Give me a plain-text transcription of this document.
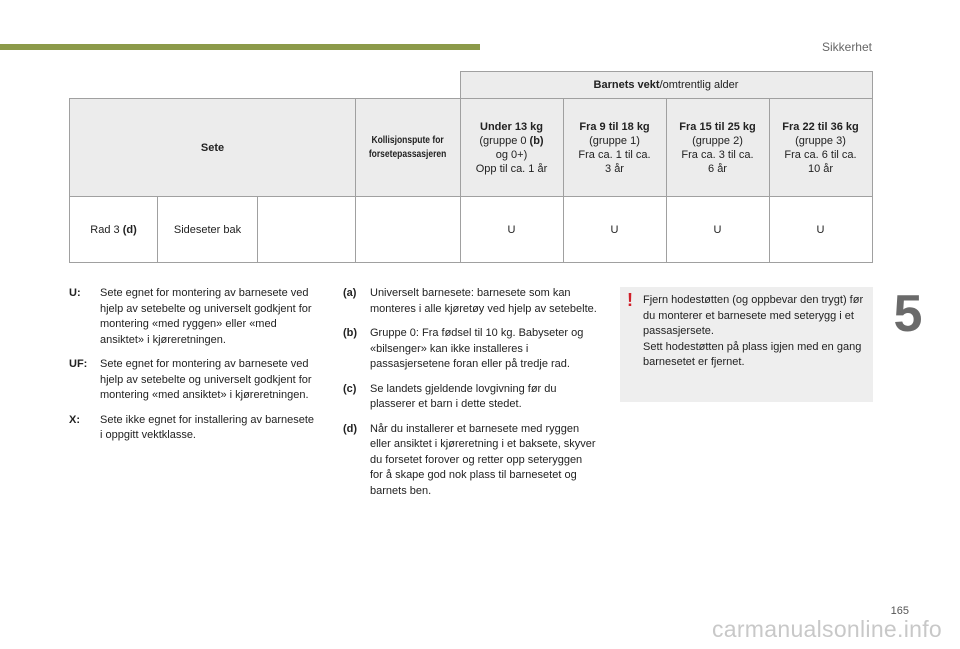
Sikkerhet
5
				Barnets vekt/omtrentlig alder			
Sete			Kollisjonspute for
forsetepassasjeren	Under 13 kg
(gruppe 0 (b)
og 0+)
Opp til ca. 1 år	Fra 9 til 18 kg
(gruppe 1)
Fra ca. 1 til ca.
3 år	Fra 15 til 25 kg
(gruppe 2)
Fra ca. 3 til ca.
6 år	Fra 22 til 36 kg
(gruppe 3)
Fra ca. 6 til ca.
10 år
Rad 3 (d)	Sideseter bak			U	U	U	U
U:	Sete egnet for montering av barnesete ved hjelp av setebelte og universelt godkjent for montering «med ryggen» eller «med ansiktet» i kjøreretningen.
UF:	Sete egnet for montering av barnesete ved hjelp av setebelte og universelt godkjent for montering «med ansiktet» i kjøreretningen.
X:	Sete ikke egnet for installering av barnesete i oppgitt vektklasse.
(a)	Universelt barnesete: barnesete som kan monteres i alle kjøretøy ved hjelp av setebelte.
(b)	Gruppe 0: Fra fødsel til 10 kg. Babyseter og «bilsenger» kan ikke installeres i passasjersetene foran eller på tredje rad.
(c)	Se landets gjeldende lovgivning før du plasserer et barn i dette stedet.
(d)	Når du installerer et barnesete med ryggen eller ansiktet i kjøreretning i et baksete, skyver du forsetet forover og retter opp seteryggen for å skape god nok plass til barnesetet og barnets ben.
! Fjern hodestøtten (og oppbevar den trygt) før du monterer et barnesete med seterygg i et passasjersete.
Sett hodestøtten på plass igjen med en gang barnesetet er fjernet.
165
carmanualsonline.info
